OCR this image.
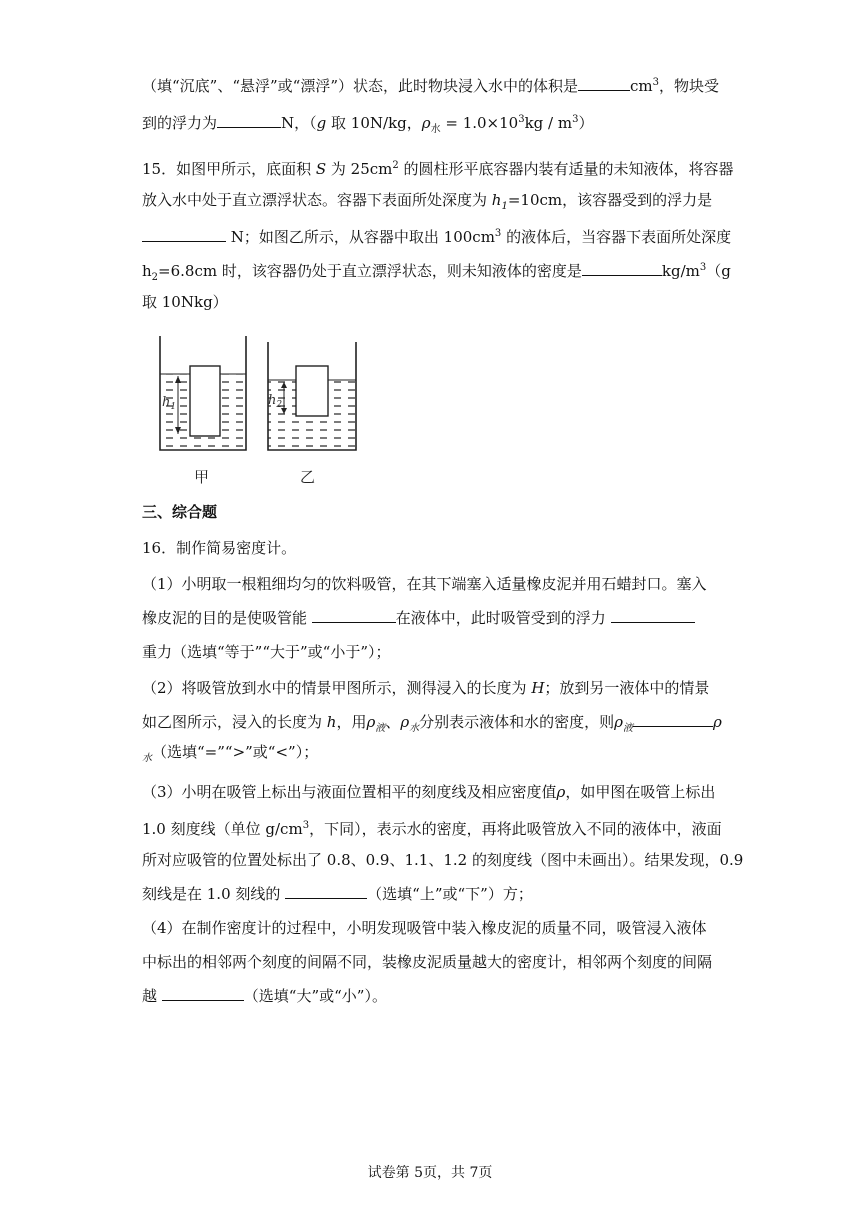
（填“沉底”、“悬浮”或“漂浮”）状态，此时物块浸入水中的体积是	$cm^3$，物块受
到的浮力为	N，（g 取 10N/kg，$\rho_水 = 1.0\times 10^3kg / m^3$）
15．如图甲所示，底面积 S 为 $25cm^2$ 的圆柱形平底容器内装有适量的未知液体，将容器
放入水中处于直立漂浮状态。容器下表面所处深度为 $h_1=10cm$，该容器受到的浮力是
N；如图乙所示，从容器中取出 $100cm^3$ 的液体后，当容器下表面所处深度
$h_2=6.8cm$ 时，该容器仍处于直立漂浮状态，则未知液体的密度是	$kg/m^3(g$
取 10Nkg）
$h_1$
甲
$h_2$
乙
三、综合题
16．制作简易密度计。
（1）小明取一根粗细均匀的饮料吸管，在其下端塞入适量橡皮泥并用石蜡封口。塞入
橡皮泥的目的是使吸管能	在液体中，此时吸管受到的浮力
重力（选填“等于”“大于”或“小于”）；
（2）将吸管放到水中的情景甲图所示，测得浸入的长度为 H；放到另一液体中的情景
如乙图所示，浸入的长度为 h，用$\rho_液$、$\rho_水$分别表示液体和水的密度，则$\rho_液$	ρ
$_水$（选填“=”“>”或“<”）；
（3）小明在吸管上标出与液面位置相平的刻度线及相应密度值ρ，如甲图在吸管上标出
1.0 刻度线（单位 $g/cm^3$，下同），表示水的密度，再将此吸管放入不同的液体中，液面
所对应吸管的位置处标出了 0.8、0.9、1.1、1.2 的刻度线（图中未画出）。结果发现，0.9
刻线是在 1.0 刻线的	（选填“上”或“下”）方；
（4）在制作密度计的过程中，小明发现吸管中装入橡皮泥的质量不同，吸管浸入液体
中标出的相邻两个刻度的间隔不同，装橡皮泥质量越大的密度计，相邻两个刻度的间隔
越	（选填“大”或“小”）。
试卷第 5页，共 7页
